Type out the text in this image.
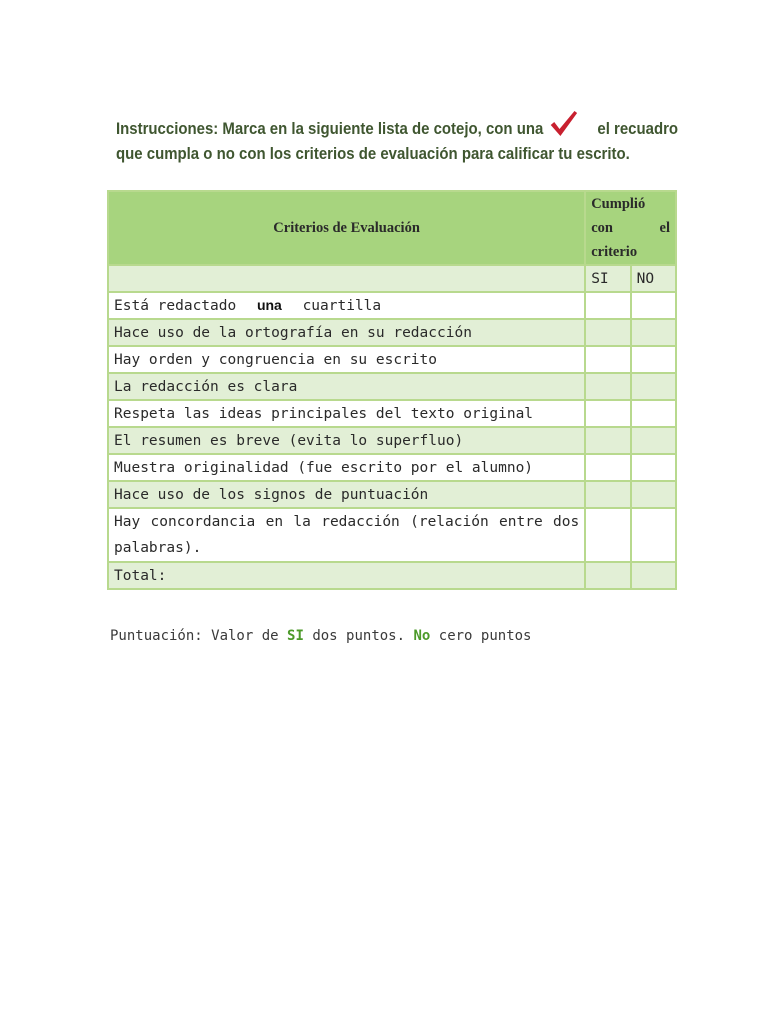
Instrucciones: Marca en la siguiente lista de cotejo, con una	el recuadro
que cumpla o no con los criterios de evaluación para calificar tu escrito.
Criterios de Evaluación	Cumplió con el criterio	
	SI	NO
Está redactado una cuartilla		
Hace uso de la ortografía en su redacción		
Hay orden y congruencia en su escrito		
La redacción es clara		
Respeta las ideas principales del texto original		
El resumen es breve (evita lo superfluo)		
Muestra originalidad (fue escrito por el alumno)		
Hace uso de los signos de puntuación		
Hay concordancia en la redacción (relación entre dos palabras).		
Total:		
Puntuación: Valor de SI dos puntos. No cero puntos
